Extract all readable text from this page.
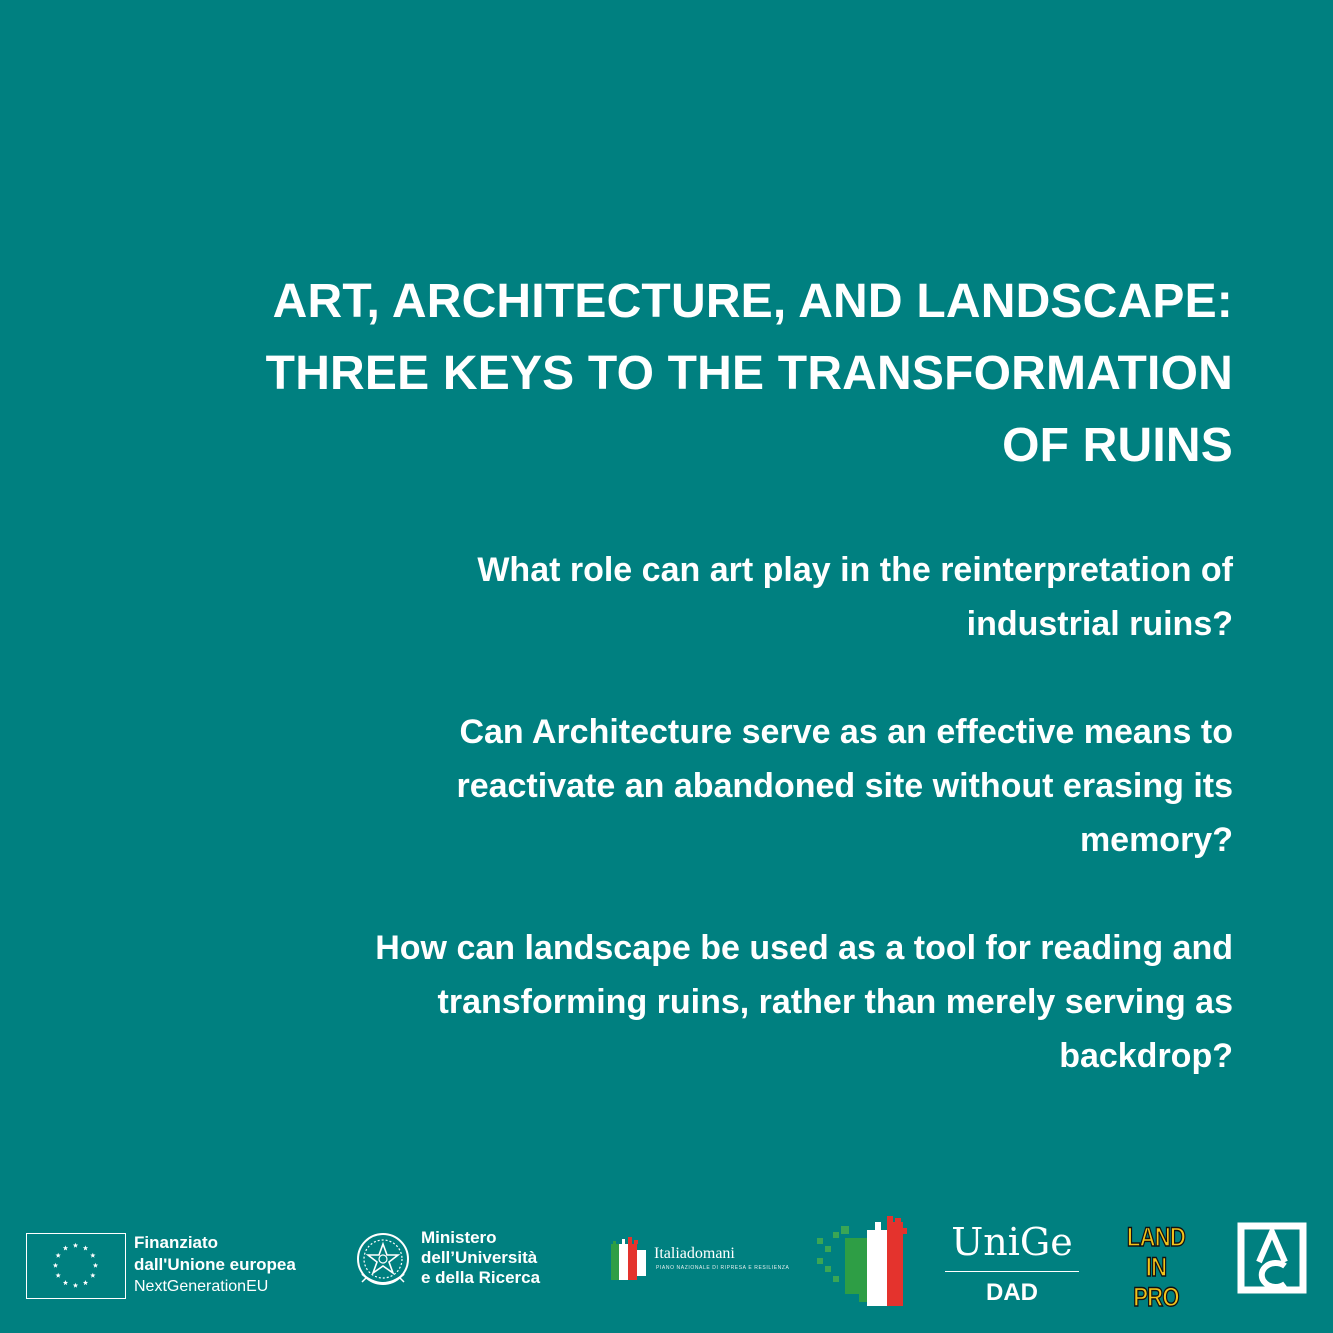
ART, ARCHITECTURE, AND LANDSCAPE:
THREE KEYS TO THE TRANSFORMATION
OF RUINS
What role can art play in the reinterpretation of
industrial ruins?
Can Architecture serve as an effective means to
reactivate an abandoned site without erasing its
memory?
How can landscape be used as a tool for reading and
transforming ruins, rather than merely serving as
backdrop?
Finanziato
dall'Unione europea
NextGenerationEU
Ministero
dell’Università
e della Ricerca
Italiadomani
PIANO NAZIONALE DI RIPRESA E RESILIENZA
UniGe
DAD
LAND
IN
PRO
